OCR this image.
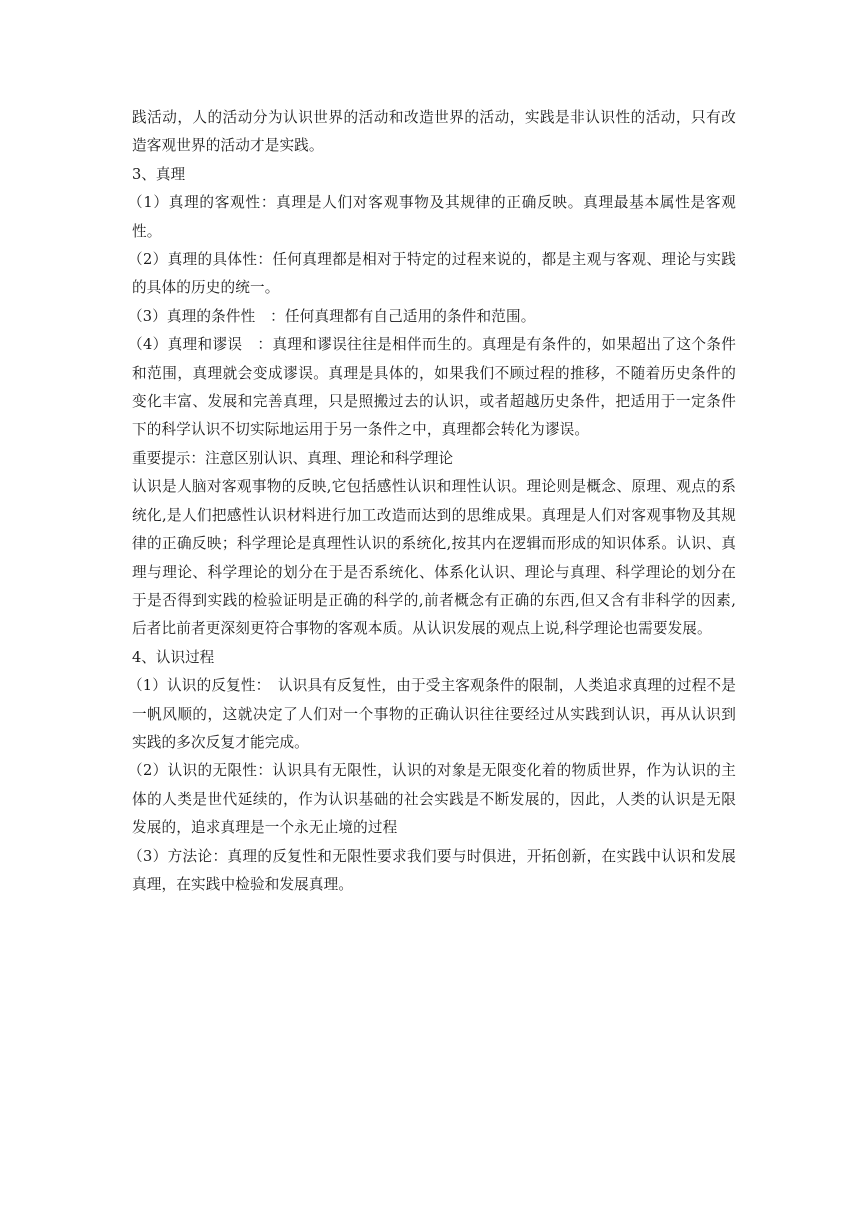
践活动，人的活动分为认识世界的活动和改造世界的活动，实践是非认识性的活动，只有改造客观世界的活动才是实践。

3、真理

（1）真理的客观性：真理是人们对客观事物及其规律的正确反映。真理最基本属性是客观性。

（2）真理的具体性：任何真理都是相对于特定的过程来说的，都是主观与客观、理论与实践的具体的历史的统一。

（3）真理的条件性　：任何真理都有自己适用的条件和范围。

（4）真理和谬误　：真理和谬误往往是相伴而生的。真理是有条件的，如果超出了这个条件和范围，真理就会变成谬误。真理是具体的，如果我们不顾过程的推移，不随着历史条件的变化丰富、发展和完善真理，只是照搬过去的认识，或者超越历史条件，把适用于一定条件下的科学认识不切实际地运用于另一条件之中，真理都会转化为谬误。

重要提示：注意区别认识、真理、理论和科学理论

认识是人脑对客观事物的反映,它包括感性认识和理性认识。理论则是概念、原理、观点的系统化,是人们把感性认识材料进行加工改造而达到的思维成果。真理是人们对客观事物及其规律的正确反映；科学理论是真理性认识的系统化,按其内在逻辑而形成的知识体系。认识、真理与理论、科学理论的划分在于是否系统化、体系化认识、理论与真理、科学理论的划分在于是否得到实践的检验证明是正确的科学的,前者概念有正确的东西,但又含有非科学的因素,后者比前者更深刻更符合事物的客观本质。从认识发展的观点上说,科学理论也需要发展。

4、认识过程

（1）认识的反复性：　认识具有反复性，由于受主客观条件的限制，人类追求真理的过程不是一帆风顺的，这就决定了人们对一个事物的正确认识往往要经过从实践到认识，再从认识到实践的多次反复才能完成。

（2）认识的无限性：认识具有无限性，认识的对象是无限变化着的物质世界，作为认识的主体的人类是世代延续的，作为认识基础的社会实践是不断发展的，因此，人类的认识是无限发展的，追求真理是一个永无止境的过程

（3）方法论：真理的反复性和无限性要求我们要与时俱进，开拓创新，在实践中认识和发展真理，在实践中检验和发展真理。
